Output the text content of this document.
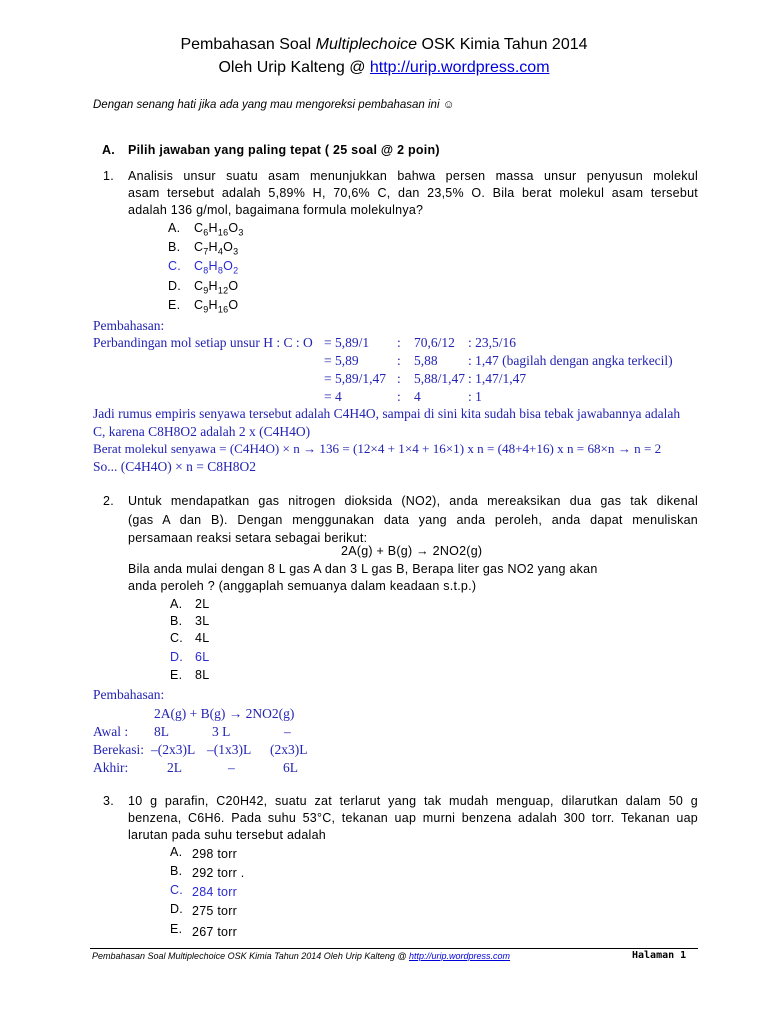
Pembahasan Soal Multiplechoice OSK Kimia Tahun 2014
Oleh Urip Kalteng @ http://urip.wordpress.com
Dengan senang hati jika ada yang mau mengoreksi pembahasan ini ☺
A. Pilih jawaban yang paling tepat ( 25 soal @ 2 poin)
1. Analisis unsur suatu asam menunjukkan bahwa persen massa unsur penyusun molekul
asam tersebut adalah 5,89% H, 70,6% C, dan 23,5% O. Bila berat molekul asam tersebut
adalah 136 g/mol, bagaimana formula molekulnya?
A. $C_6H_{16}O_3$
B. $C_7H_4O_3$
C. $C_8H_8O_2$
D. $C_9H_{12}O$
E. $C_9H_{16}O$
Pembahasan:
Perbandingan mol setiap unsur H : C : O = 5,89/1 : 70,6/12 : 23,5/16
= 5,89	: 5,88 : 1,47 (bagilah dengan angka terkecil)
= 5,89/1,47 : 5,88/1,47 : 1,47/1,47
= 4	: 4	: 1
Jadi rumus empiris senyawa tersebut adalah C4H4O, sampai di sini kita sudah bisa tebak jawabannya adalah
C, karena C8H8O2 adalah 2 x (C4H4O)
Berat molekul senyawa = (C4H4O) × n → 136 = (12×4 + 1×4 + 16×1) x n = (48+4+16) x n = 68×n → n = 2
So... (C4H4O) × n = C8H8O2
2. Untuk mendapatkan gas nitrogen dioksida (NO2), anda mereaksikan dua gas tak dikenal
(gas A dan B). Dengan menggunakan data yang anda peroleh, anda dapat menuliskan
persamaan reaksi setara sebagai berikut:
2A(g) + B(g) → 2NO2(g)
Bila anda mulai dengan 8 L gas A dan 3 L gas B, Berapa liter gas NO2 yang akan
anda peroleh ? (anggaplah semuanya dalam keadaan s.t.p.)
A. 2L
B. 3L
C. 4L
D. 6L
E. 8L
Pembahasan:
2A(g) + B(g) → 2NO2(g)
Awal : 8L	3 L	–
Berekasi: –(2x3)L –(1x3)L (2x3)L
Akhir:	2L	–	6L
3. 10 g parafin, C20H42, suatu zat terlarut yang tak mudah menguap, dilarutkan dalam 50 g
benzena, C6H6. Pada suhu 53°C, tekanan uap murni benzena adalah 300 torr. Tekanan uap
larutan pada suhu tersebut adalah
A. 298 torr
B. 292 torr .
C. 284 torr
D. 275 torr
E. 267 torr
Pembahasan Soal Multiplechoice OSK Kimia Tahun 2014 Oleh Urip Kalteng @ http://urip.wordpress.com	Halaman 1
